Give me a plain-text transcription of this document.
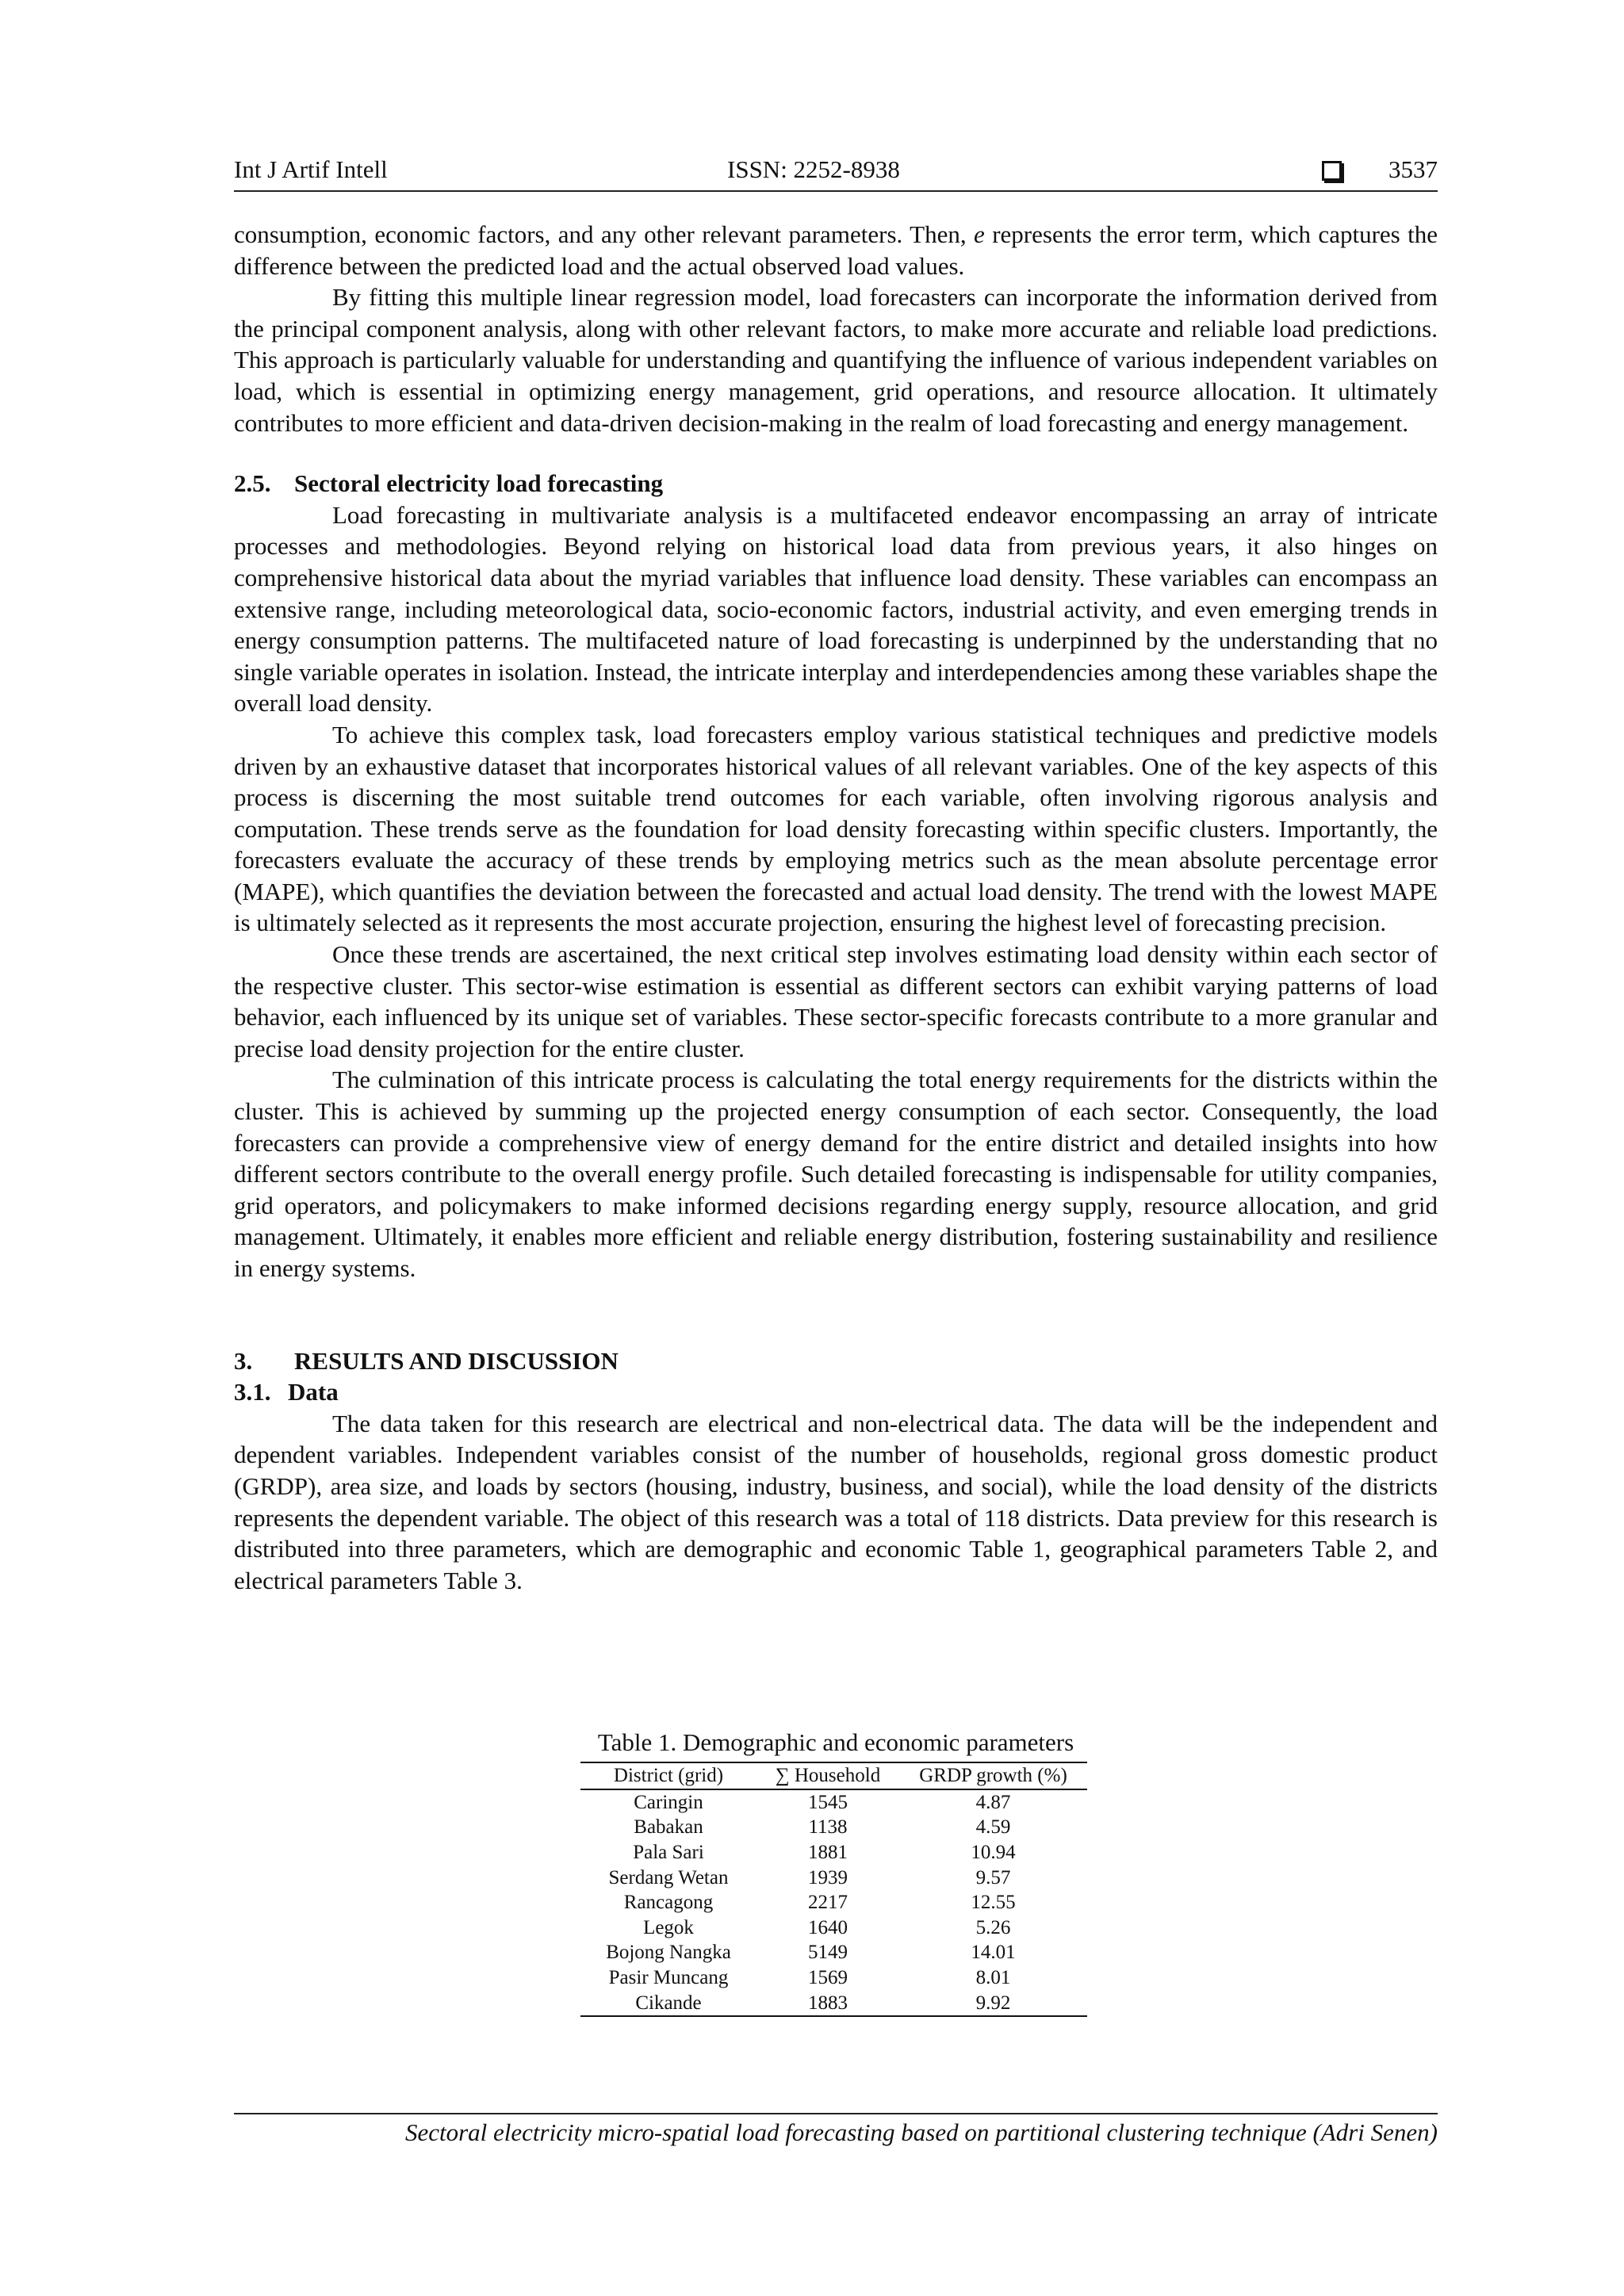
Int J Artif Intell	ISSN: 2252-8938	3537

consumption, economic factors, and any other relevant parameters. Then, e represents the error term, which captures the difference between the predicted load and the actual observed load values.

By fitting this multiple linear regression model, load forecasters can incorporate the information derived from the principal component analysis, along with other relevant factors, to make more accurate and reliable load predictions. This approach is particularly valuable for understanding and quantifying the influence of various independent variables on load, which is essential in optimizing energy management, grid operations, and resource allocation. It ultimately contributes to more efficient and data-driven decision-making in the realm of load forecasting and energy management.

2.5. Sectoral electricity load forecasting

Load forecasting in multivariate analysis is a multifaceted endeavor encompassing an array of intricate processes and methodologies. Beyond relying on historical load data from previous years, it also hinges on comprehensive historical data about the myriad variables that influence load density. These variables can encompass an extensive range, including meteorological data, socio-economic factors, industrial activity, and even emerging trends in energy consumption patterns. The multifaceted nature of load forecasting is underpinned by the understanding that no single variable operates in isolation. Instead, the intricate interplay and interdependencies among these variables shape the overall load density.

To achieve this complex task, load forecasters employ various statistical techniques and predictive models driven by an exhaustive dataset that incorporates historical values of all relevant variables. One of the key aspects of this process is discerning the most suitable trend outcomes for each variable, often involving rigorous analysis and computation. These trends serve as the foundation for load density forecasting within specific clusters. Importantly, the forecasters evaluate the accuracy of these trends by employing metrics such as the mean absolute percentage error (MAPE), which quantifies the deviation between the forecasted and actual load density. The trend with the lowest MAPE is ultimately selected as it represents the most accurate projection, ensuring the highest level of forecasting precision.

Once these trends are ascertained, the next critical step involves estimating load density within each sector of the respective cluster. This sector-wise estimation is essential as different sectors can exhibit varying patterns of load behavior, each influenced by its unique set of variables. These sector-specific forecasts contribute to a more granular and precise load density projection for the entire cluster.

The culmination of this intricate process is calculating the total energy requirements for the districts within the cluster. This is achieved by summing up the projected energy consumption of each sector. Consequently, the load forecasters can provide a comprehensive view of energy demand for the entire district and detailed insights into how different sectors contribute to the overall energy profile. Such detailed forecasting is indispensable for utility companies, grid operators, and policymakers to make informed decisions regarding energy supply, resource allocation, and grid management. Ultimately, it enables more efficient and reliable energy distribution, fostering sustainability and resilience in energy systems.

3. RESULTS AND DISCUSSION
3.1. Data

The data taken for this research are electrical and non-electrical data. The data will be the independent and dependent variables. Independent variables consist of the number of households, regional gross domestic product (GRDP), area size, and loads by sectors (housing, industry, business, and social), while the load density of the districts represents the dependent variable. The object of this research was a total of 118 districts. Data preview for this research is distributed into three parameters, which are demographic and economic Table 1, geographical parameters Table 2, and electrical parameters Table 3.

Table 1. Demographic and economic parameters
District (grid)	∑ Household	GRDP growth (%)
Caringin	1545	4.87
Babakan	1138	4.59
Pala Sari	1881	10.94
Serdang Wetan	1939	9.57
Rancagong	2217	12.55
Legok	1640	5.26
Bojong Nangka	5149	14.01
Pasir Muncang	1569	8.01
Cikande	1883	9.92
Sectoral electricity micro-spatial load forecasting based on partitional clustering technique (Adri Senen)
